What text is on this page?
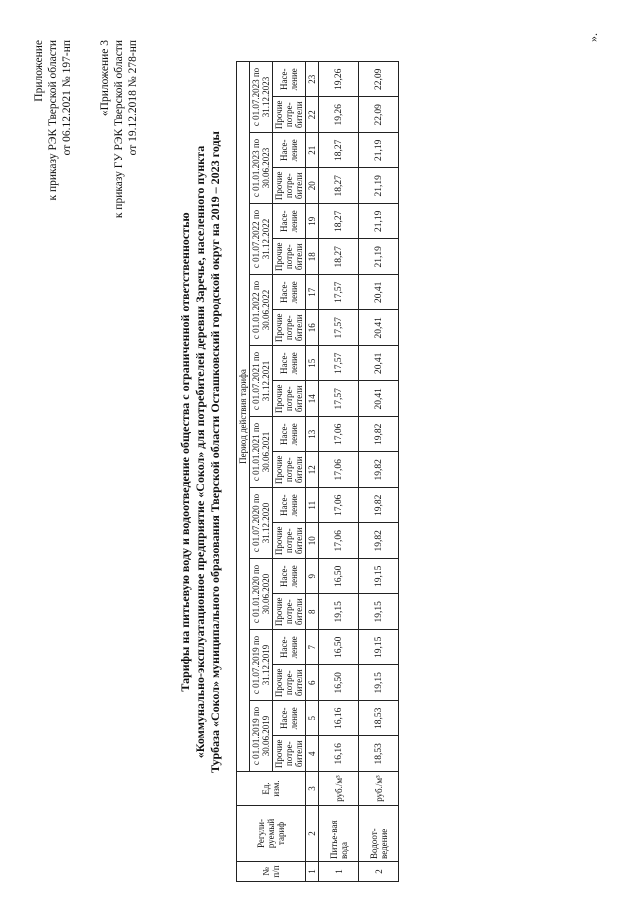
Приложение к приказу РЭК Тверской области от 06.12.2021 № 197-нп «Приложение 3 к приказу ГУ РЭК Тверской области от 19.12.2018 № 278-нп
Тарифы на питьевую воду и водоотведение общества с ограниченной ответственностью «Коммунально-эксплуатационное предприятие «Сокол» для потребителей деревни Заречье, населенного пункта Турбаза «Сокол» муниципального образования Тверской области Осташковский городской округ на 2019 – 2023 годы
№ п/п	Регули-руемый тариф	Ед. изм.	Период действия тарифа																			
			с 01.01.2019 по 30.06.2019		с 01.07.2019 по 31.12.2019		с 01.01.2020 по 30.06.2020		с 01.07.2020 по 31.12.2020		с 01.01.2021 по 30.06.2021		с 01.07.2021 по 31.12.2021		с 01.01.2022 по 30.06.2022		с 01.07.2022 по 31.12.2022		с 01.01.2023 по 30.06.2023		с 01.07.2023 по 31.12.2023	
			Прочие потре-бители	Насе-ление	Прочие потре-бители	Насе-ление	Прочие потре-бители	Насе-ление	Прочие потре-бители	Насе-ление	Прочие потре-бители	Насе-ление	Прочие потре-бители	Насе-ление	Прочие потре-бители	Насе-ление	Прочие потре-бители	Насе-ление	Прочие потре-бители	Насе-ление	Прочие потре-бители	Насе-ление
1	2	3	4	5	6	7	8	9	10	11	12	13	14	15	16	17	18	19	20	21	22	23
1	Питье-вая вода	руб./м³	16,16	16,16	16,50	16,50	19,15	16,50	17,06	17,06	17,06	17,06	17,57	17,57	17,57	17,57	18,27	18,27	18,27	18,27	19,26	19,26
2	Водоот-ведение	руб./м³	18,53	18,53	19,15	19,15	19,15	19,15	19,82	19,82	19,82	19,82	20,41	20,41	20,41	20,41	21,19	21,19	21,19	21,19	22,09	22,09
».
